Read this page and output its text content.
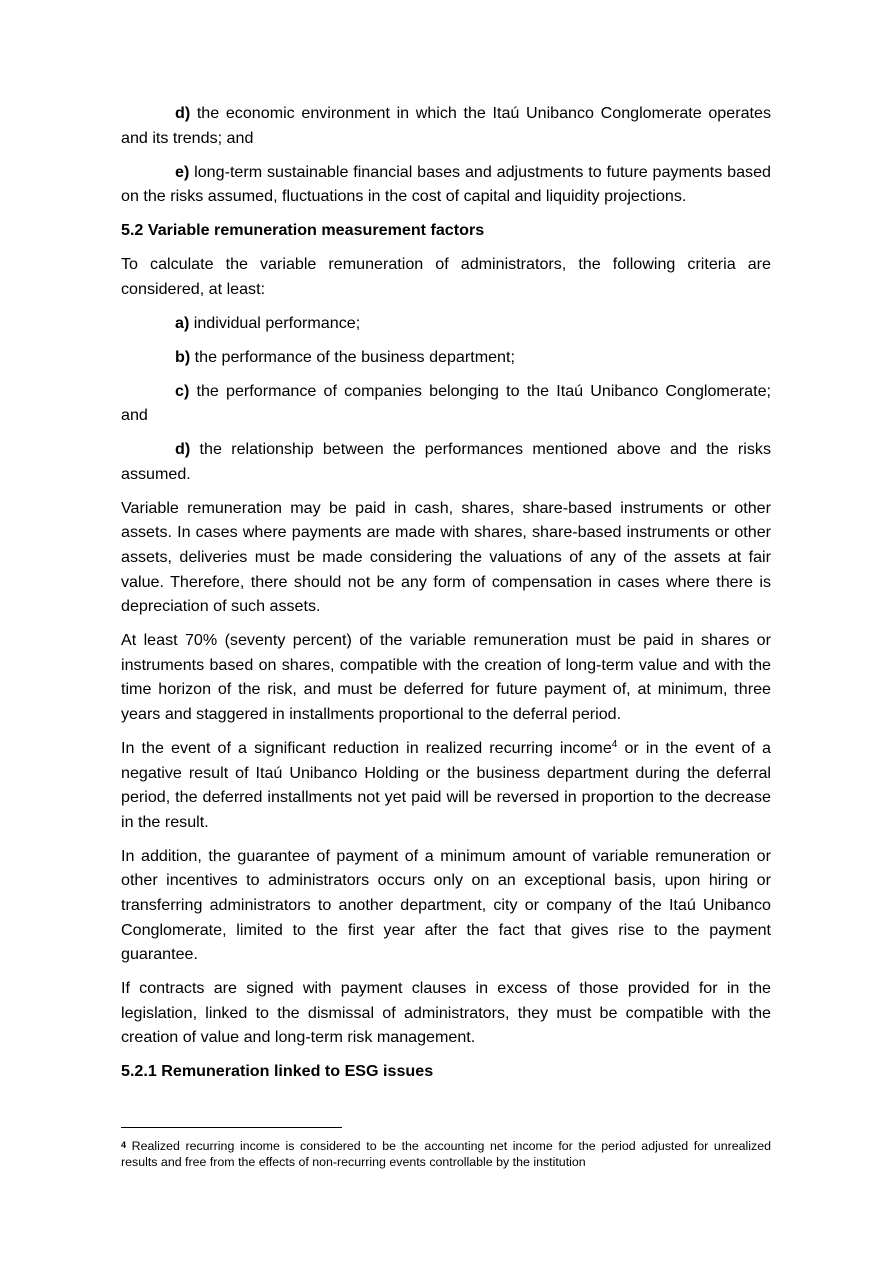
d) the economic environment in which the Itaú Unibanco Conglomerate operates and its trends; and

e) long-term sustainable financial bases and adjustments to future payments based on the risks assumed, fluctuations in the cost of capital and liquidity projections.

5.2 Variable remuneration measurement factors

To calculate the variable remuneration of administrators, the following criteria are considered, at least:

a) individual performance;

b) the performance of the business department;

c) the performance of companies belonging to the Itaú Unibanco Conglomerate; and

d) the relationship between the performances mentioned above and the risks assumed.

Variable remuneration may be paid in cash, shares, share-based instruments or other assets. In cases where payments are made with shares, share-based instruments or other assets, deliveries must be made considering the valuations of any of the assets at fair value. Therefore, there should not be any form of compensation in cases where there is depreciation of such assets.

At least 70% (seventy percent) of the variable remuneration must be paid in shares or instruments based on shares, compatible with the creation of long-term value and with the time horizon of the risk, and must be deferred for future payment of, at minimum, three years and staggered in installments proportional to the deferral period.

In the event of a significant reduction in realized recurring income$^4$ or in the event of a negative result of Itaú Unibanco Holding or the business department during the deferral period, the deferred installments not yet paid will be reversed in proportion to the decrease in the result.

In addition, the guarantee of payment of a minimum amount of variable remuneration or other incentives to administrators occurs only on an exceptional basis, upon hiring or transferring administrators to another department, city or company of the Itaú Unibanco Conglomerate, limited to the first year after the fact that gives rise to the payment guarantee.

If contracts are signed with payment clauses in excess of those provided for in the legislation, linked to the dismissal of administrators, they must be compatible with the creation of value and long-term risk management.

5.2.1 Remuneration linked to ESG issues
$^4$ Realized recurring income is considered to be the accounting net income for the period adjusted for unrealized results and free from the effects of non-recurring events controllable by the institution
